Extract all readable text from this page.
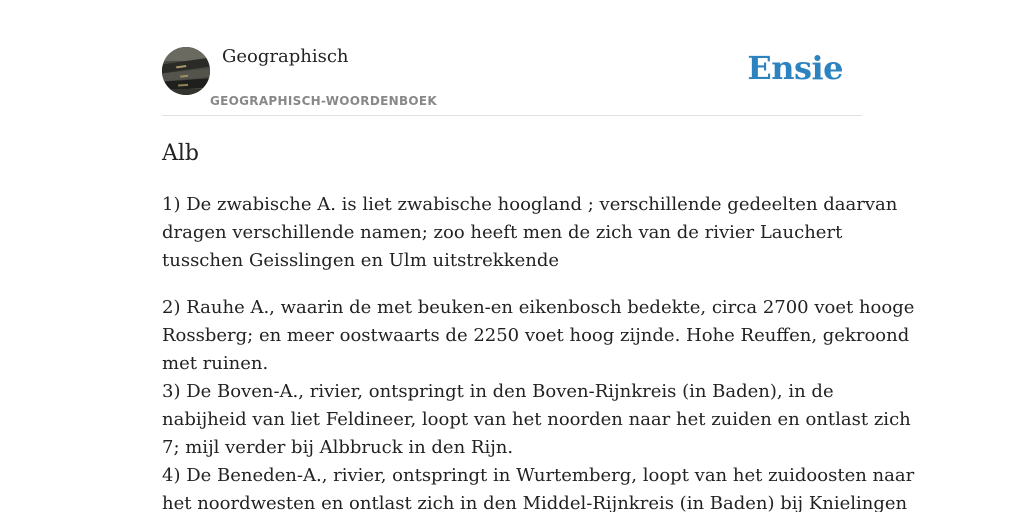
Geographisch
GEOGRAPHISCH-WOORDENBOEK
Ensie
Alb

1) De zwabische A. is liet zwabische hoogland ; verschillende gedeelten daarvan
dragen verschillende namen; zoo heeft men de zich van de rivier Lauchert
tusschen Geisslingen en Ulm uitstrekkende

2) Rauhe A., waarin de met beuken-en eikenbosch bedekte, circa 2700 voet hooge
Rossberg; en meer oostwaarts de 2250 voet hoog zijnde. Hohe Reuffen, gekroond
met ruinen.
3) De Boven-A., rivier, ontspringt in den Boven-Rijnkreis (in Baden), in de
nabijheid van liet Feldineer, loopt van het noorden naar het zuiden en ontlast zich
7; mijl verder bij Albbruck in den Rijn.
4) De Beneden-A., rivier, ontspringt in Wurtemberg, loopt van het zuidoosten naar
het noordwesten en ontlast zich in den Middel-Rijnkreis (in Baden) bij Knielingen
